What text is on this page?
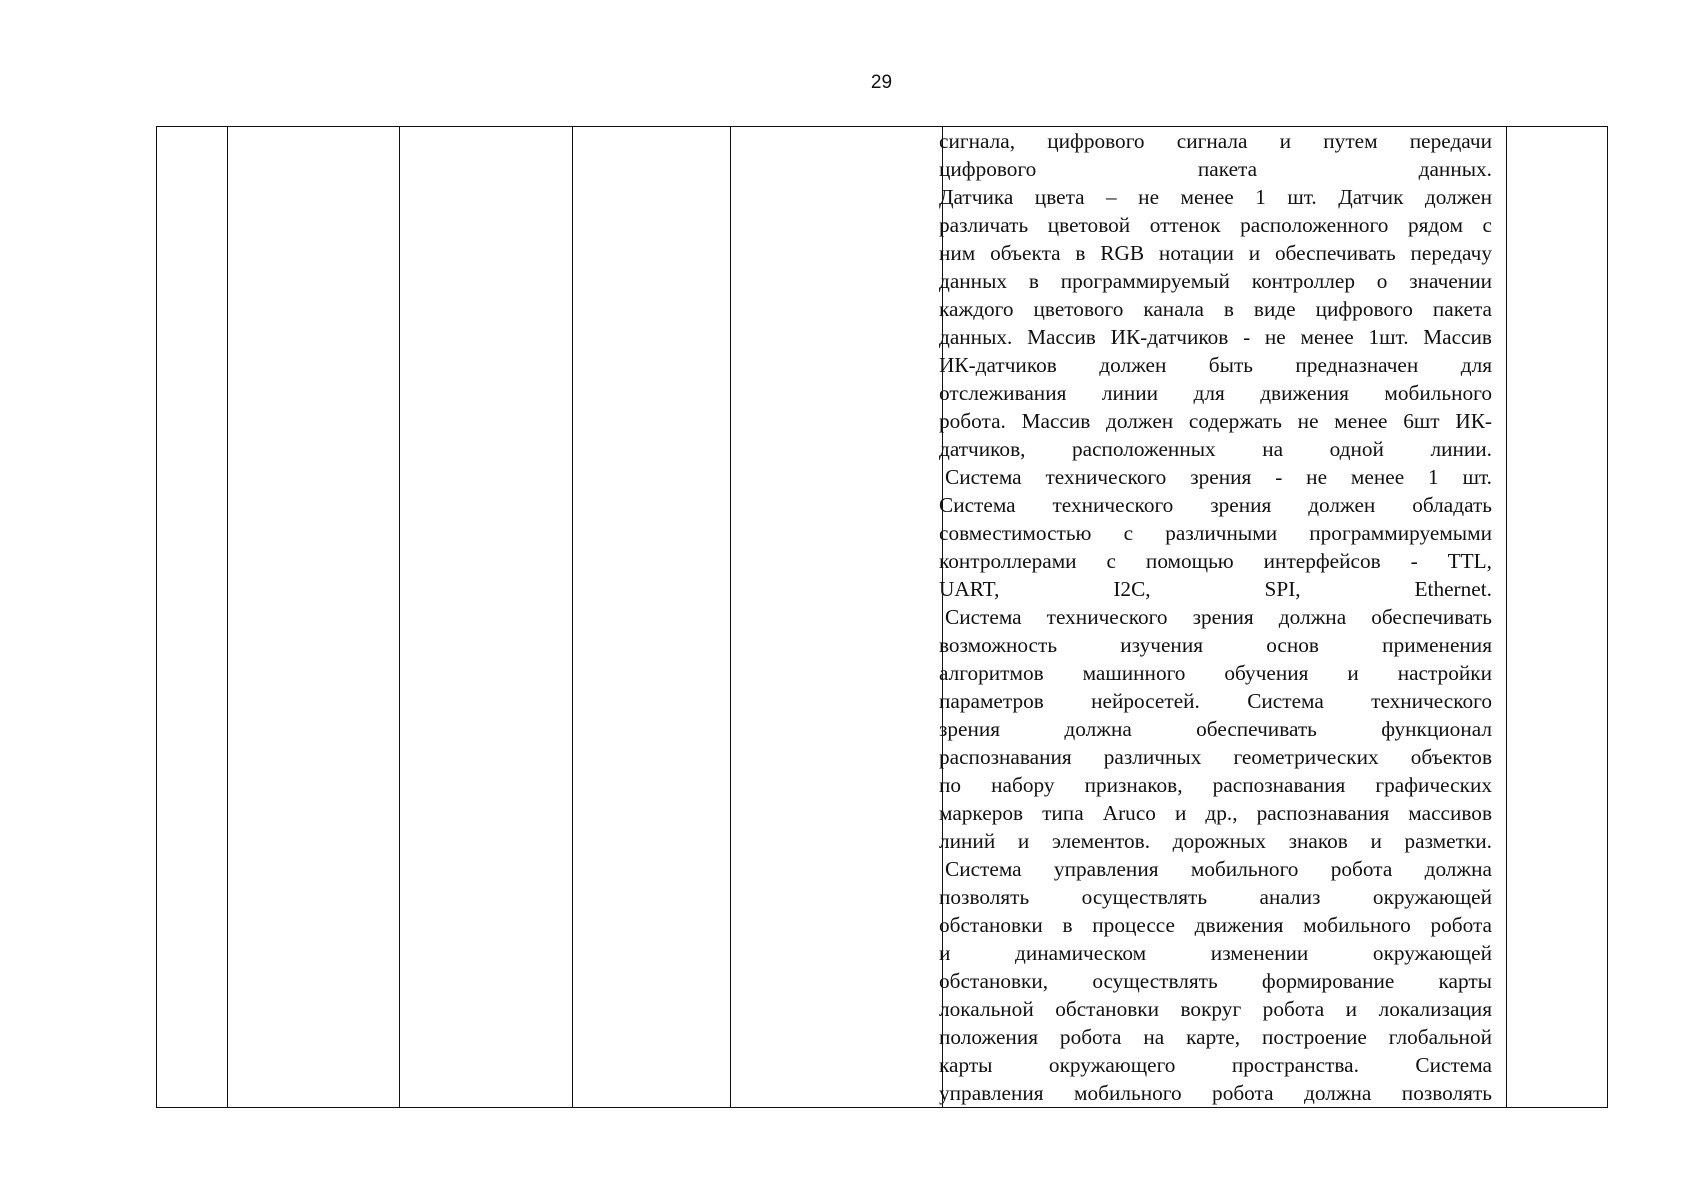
29

сигнала, цифрового сигнала и путем передачи
цифрового пакета данных.
Датчика цвета – не менее 1 шт. Датчик должен
различать цветовой оттенок расположенного рядом с
ним объекта в RGB нотации и обеспечивать передачу
данных в программируемый контроллер о значении
каждого цветового канала в виде цифрового пакета
данных. Массив ИК-датчиков - не менее 1шт. Массив
ИК-датчиков должен быть предназначен для
отслеживания линии для движения мобильного
робота. Массив должен содержать не менее 6шт ИК-
датчиков, расположенных на одной линии.
Система технического зрения - не менее 1 шт.
Система технического зрения должен обладать
совместимостью с различными программируемыми
контроллерами с помощью интерфейсов - TTL,
UART, I2C, SPI, Ethernet.
Система технического зрения должна обеспечивать
возможность изучения основ применения
алгоритмов машинного обучения и настройки
параметров нейросетей. Система технического
зрения должна обеспечивать функционал
распознавания различных геометрических объектов
по набору признаков, распознавания графических
маркеров типа Aruco и др., распознавания массивов
линий и элементов. дорожных знаков и разметки.
Система управления мобильного робота должна
позволять осуществлять анализ окружающей
обстановки в процессе движения мобильного робота
и динамическом изменении окружающей
обстановки, осуществлять формирование карты
локальной обстановки вокруг робота и локализация
положения робота на карте, построение глобальной
карты окружающего пространства. Система
управления мобильного робота должна позволять
